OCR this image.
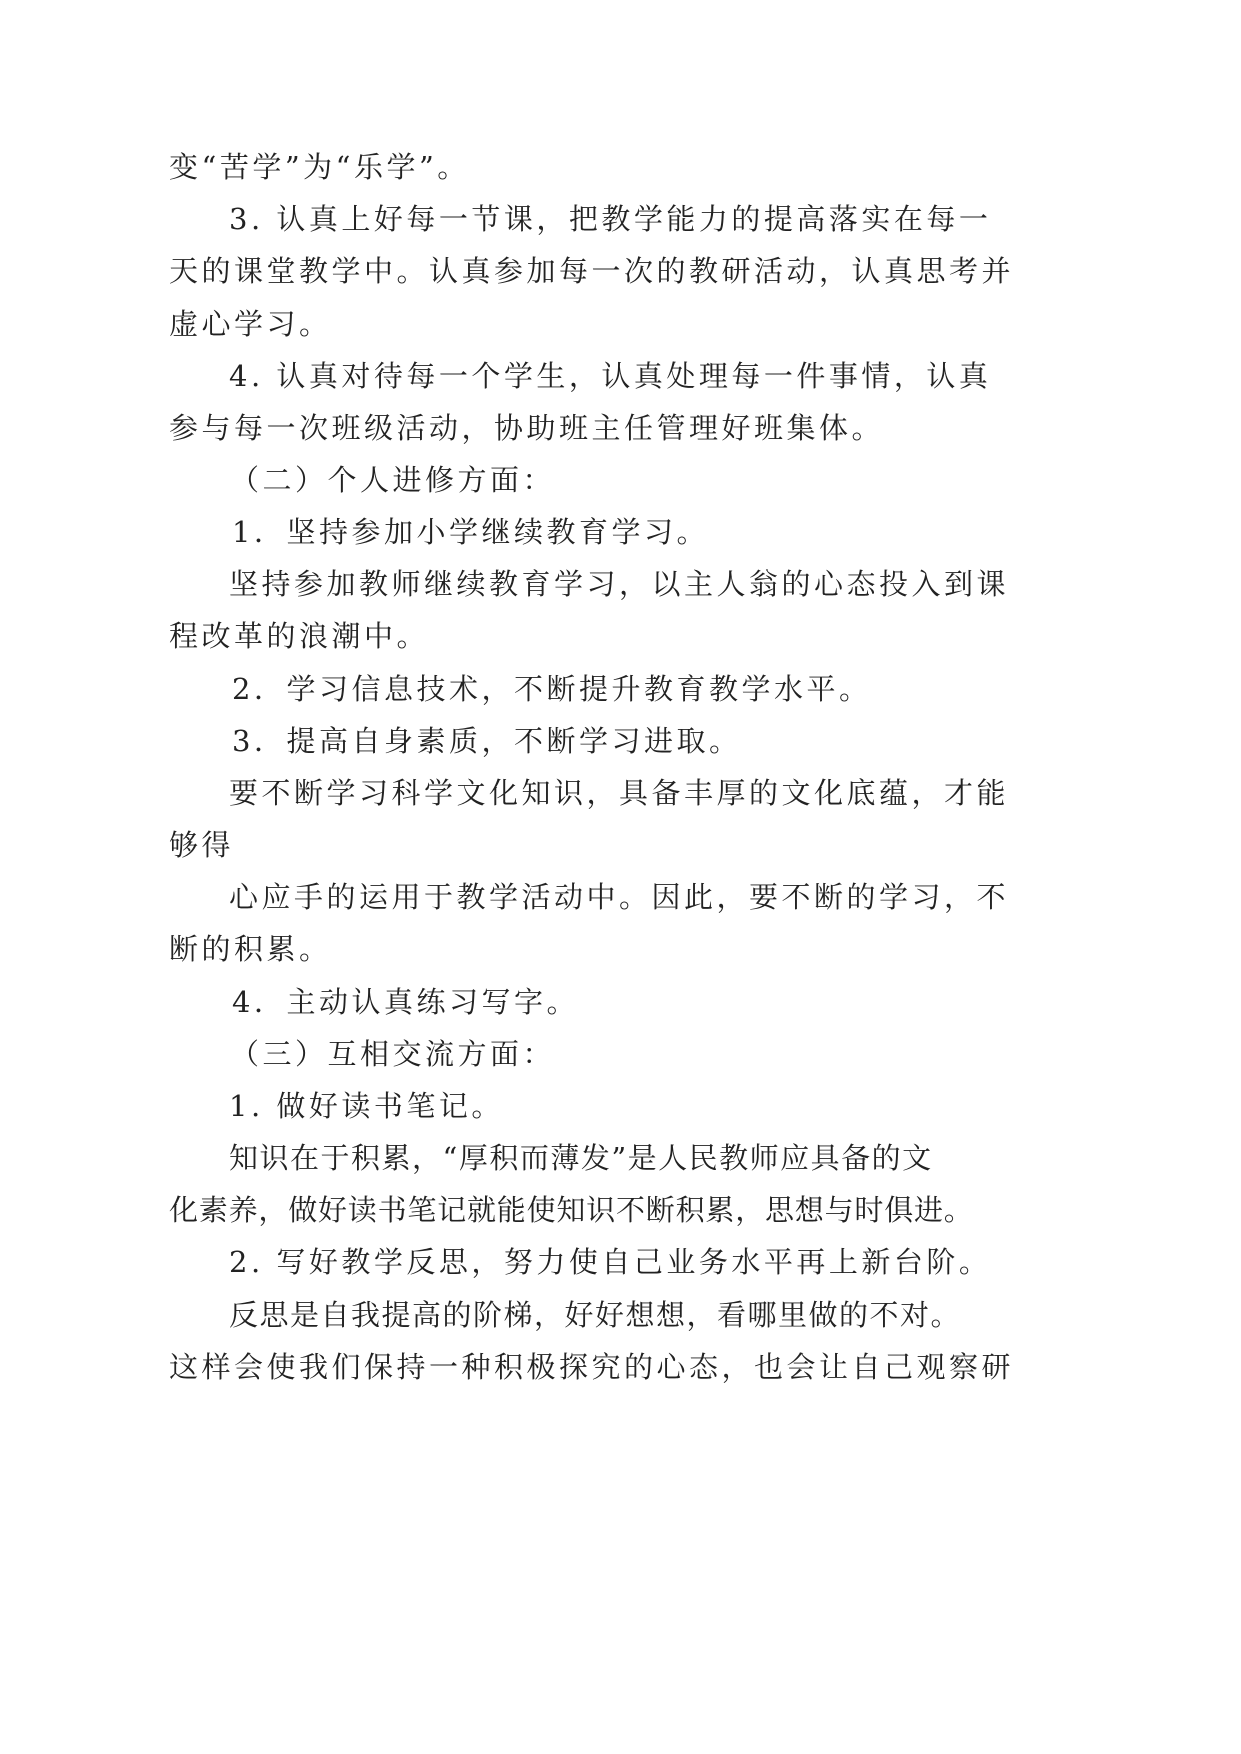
变“苦学”为“乐学”。

3. 认真上好每一节课，把教学能力的提高落实在每一

天的课堂教学中。认真参加每一次的教研活动，认真思考并

虚心学习。

4. 认真对待每一个学生，认真处理每一件事情，认真

参与每一次班级活动，协助班主任管理好班集体。

（二）个人进修方面：

1．坚持参加小学继续教育学习。

坚持参加教师继续教育学习，以主人翁的心态投入到课

程改革的浪潮中。

2．学习信息技术，不断提升教育教学水平。

3．提高自身素质，不断学习进取。

要不断学习科学文化知识，具备丰厚的文化底蕴，才能

够得

心应手的运用于教学活动中。因此，要不断的学习，不

断的积累。

4．主动认真练习写字。

（三）互相交流方面：

1. 做好读书笔记。

知识在于积累，“厚积而薄发”是人民教师应具备的文

化素养，做好读书笔记就能使知识不断积累，思想与时俱进。

2. 写好教学反思，努力使自己业务水平再上新台阶。

反思是自我提高的阶梯，好好想想，看哪里做的不对。

这样会使我们保持一种积极探究的心态，也会让自己观察研
